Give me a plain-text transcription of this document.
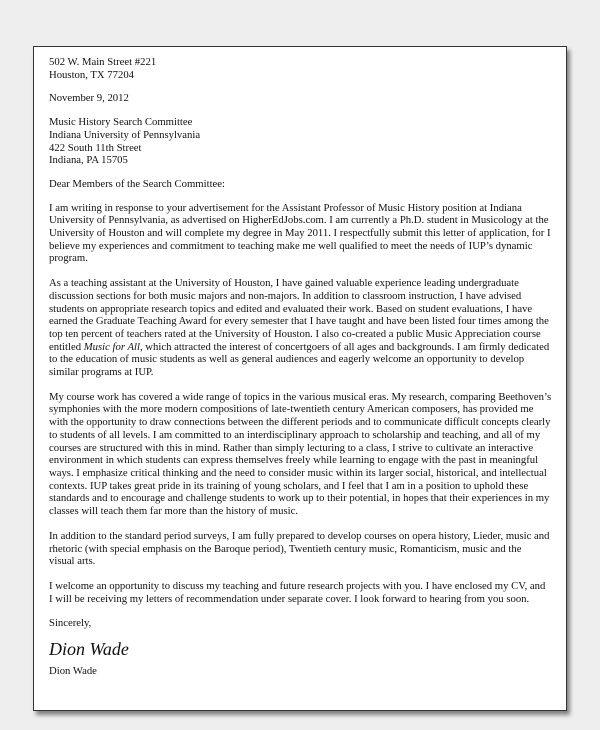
502 W. Main Street #221
Houston, TX 77204

November 9, 2012

Music History Search Committee
Indiana University of Pennsylvania
422 South 11th Street
Indiana, PA 15705

Dear Members of the Search Committee:

I am writing in response to your advertisement for the Assistant Professor of Music History position at Indiana
University of Pennsylvania, as advertised on HigherEdJobs.com. I am currently a Ph.D. student in Musicology at the
University of Houston and will complete my degree in May 2011. I respectfully submit this letter of application, for I
believe my experiences and commitment to teaching make me well qualified to meet the needs of IUP’s dynamic
program.

As a teaching assistant at the University of Houston, I have gained valuable experience leading undergraduate
discussion sections for both music majors and non-majors. In addition to classroom instruction, I have advised
students on appropriate research topics and edited and evaluated their work. Based on student evaluations, I have
earned the Graduate Teaching Award for every semester that I have taught and have been listed four times among the
top ten percent of teachers rated at the University of Houston. I also co-created a public Music Appreciation course
entitled Music for All, which attracted the interest of concertgoers of all ages and backgrounds. I am firmly dedicated
to the education of music students as well as general audiences and eagerly welcome an opportunity to develop
similar programs at IUP.

My course work has covered a wide range of topics in the various musical eras. My research, comparing Beethoven’s
symphonies with the more modern compositions of late-twentieth century American composers, has provided me
with the opportunity to draw connections between the different periods and to communicate difficult concepts clearly
to students of all levels. I am committed to an interdisciplinary approach to scholarship and teaching, and all of my
courses are structured with this in mind. Rather than simply lecturing to a class, I strive to cultivate an interactive
environment in which students can express themselves freely while learning to engage with the past in meaningful
ways. I emphasize critical thinking and the need to consider music within its larger social, historical, and intellectual
contexts. IUP takes great pride in its training of young scholars, and I feel that I am in a position to uphold these
standards and to encourage and challenge students to work up to their potential, in hopes that their experiences in my
classes will teach them far more than the history of music.

In addition to the standard period surveys, I am fully prepared to develop courses on opera history, Lieder, music and
rhetoric (with special emphasis on the Baroque period), Twentieth century music, Romanticism, music and the
visual arts.

I welcome an opportunity to discuss my teaching and future research projects with you. I have enclosed my CV, and
I will be receiving my letters of recommendation under separate cover. I look forward to hearing from you soon.

Sincerely,

Dion Wade

Dion Wade
